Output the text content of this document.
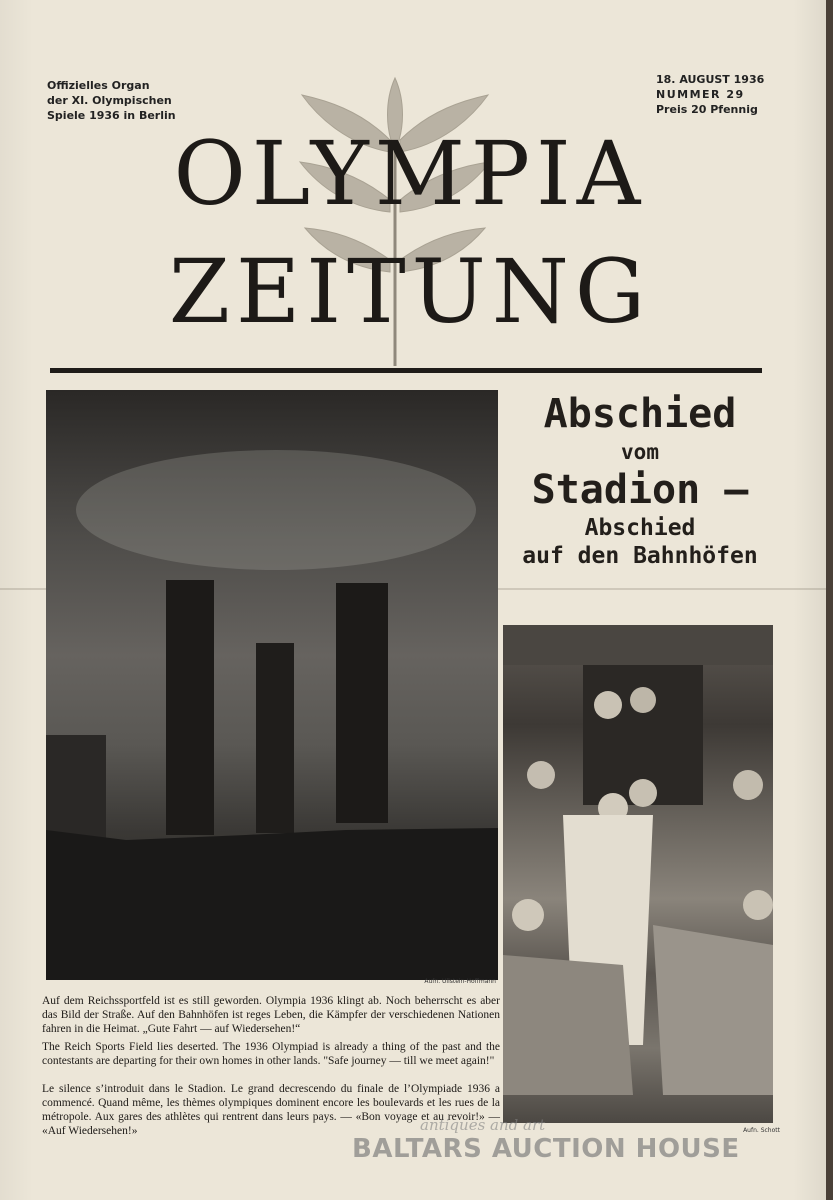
Offizielles Organ
der XI. Olympischen
Spiele 1936 in Berlin
18. AUGUST 1936
NUMMER 29
Preis 20 Pfennig
OLYMPIA
ZEITUNG
Aufn. Ullstein-Hoffmann
Abschied
vom
Stadion –
Abschied
auf den Bahnhöfen
Aufn. Schott
Auf dem Reichssportfeld ist es still geworden. Olympia 1936 klingt ab. Noch beherrscht es aber das Bild der Straße. Auf den Bahnhöfen ist reges Leben, die Kämpfer der verschiedenen Nationen fahren in die Heimat. „Gute Fahrt — auf Wiedersehen!“
The Reich Sports Field lies deserted. The 1936 Olympiad is already a thing of the past and the contestants are departing for their own homes in other lands. "Safe journey — till we meet again!"
Le silence s’introduit dans le Stadion. Le grand decrescendo du finale de l’Olympiade 1936 a commencé. Quand même, les thèmes olympiques dominent encore les boulevards et les rues de la métropole. Aux gares des athlètes qui rentrent dans leurs pays. — «Bon voyage et au revoir!» — «Auf Wiedersehen!»	antiques and art
BALTARS AUCTION HOUSE
